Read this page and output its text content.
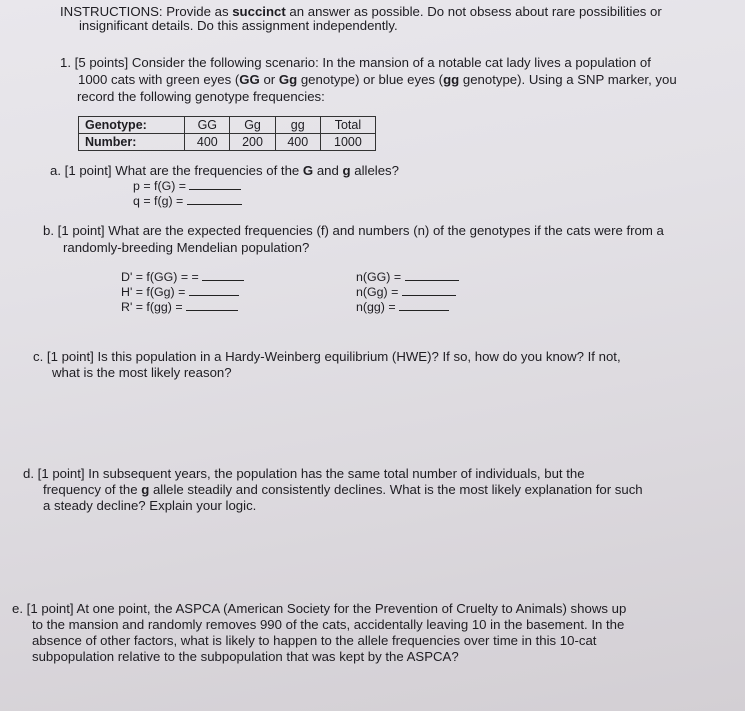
INSTRUCTIONS: Provide as succinct an answer as possible. Do not obsess about rare possibilities or
insignificant details. Do this assignment independently.
1. [5 points] Consider the following scenario: In the mansion of a notable cat lady lives a population of
1000 cats with green eyes (GG or Gg genotype) or blue eyes (gg genotype). Using a SNP marker, you
record the following genotype frequencies:
Genotype:	GG	Gg	gg	Total
Number:	400	200	400	1000
a. [1 point] What are the frequencies of the G and g alleles?
p = f(G) =
q = f(g) =
b. [1 point] What are the expected frequencies (f) and numbers (n) of the genotypes if the cats were from a
randomly-breeding Mendelian population?
D' = f(GG) = =
H' = f(Gg) =
R' = f(gg) =
n(GG) =
n(Gg) =
n(gg) =
c. [1 point] Is this population in a Hardy-Weinberg equilibrium (HWE)? If so, how do you know? If not,
what is the most likely reason?
d. [1 point] In subsequent years, the population has the same total number of individuals, but the
frequency of the g allele steadily and consistently declines. What is the most likely explanation for such
a steady decline? Explain your logic.
e. [1 point] At one point, the ASPCA (American Society for the Prevention of Cruelty to Animals) shows up
to the mansion and randomly removes 990 of the cats, accidentally leaving 10 in the basement. In the
absence of other factors, what is likely to happen to the allele frequencies over time in this 10-cat
subpopulation relative to the subpopulation that was kept by the ASPCA?
